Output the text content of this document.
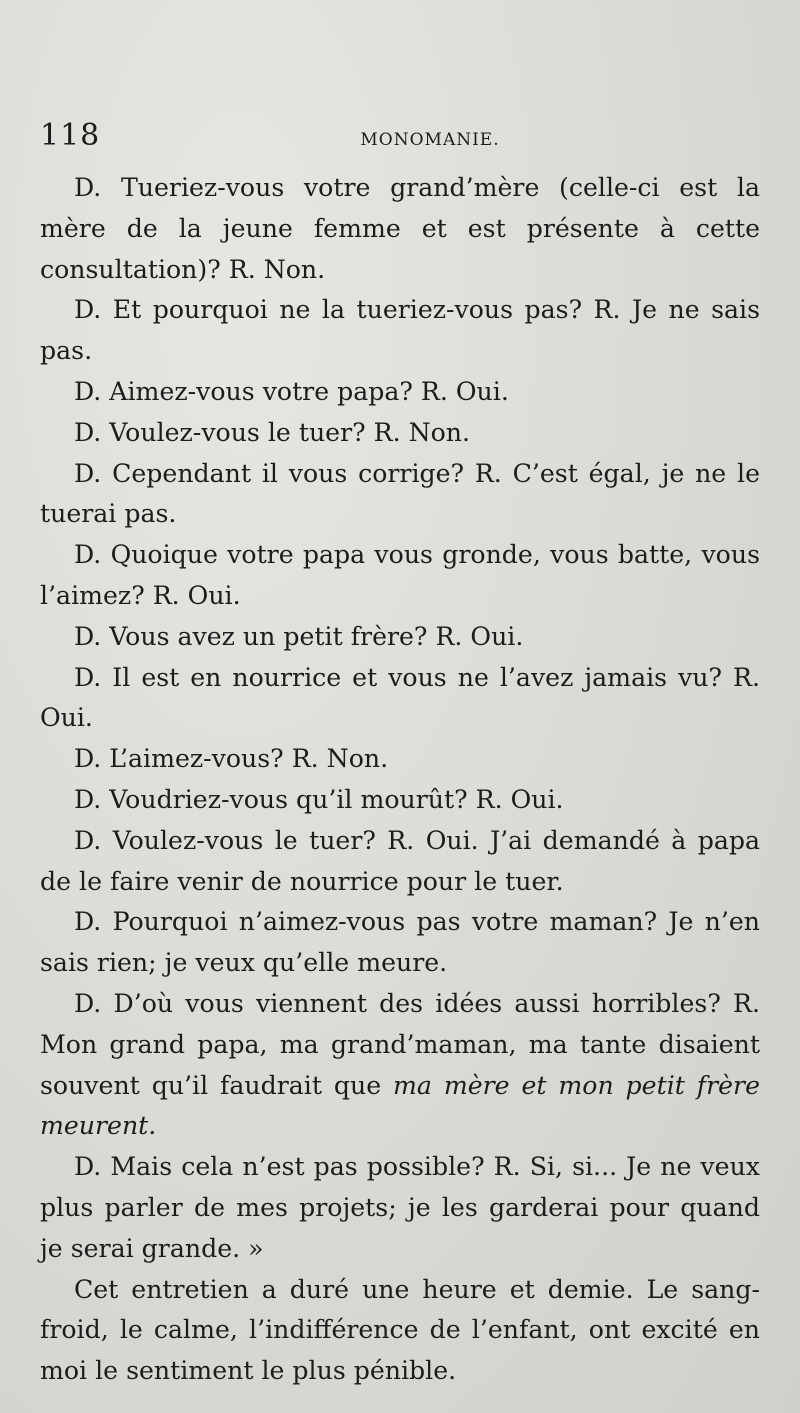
118	MONOMANIE.

D. Tueriez-vous votre grand’mère (celle-ci est la mère de la jeune femme et est présente à cette consultation)? R. Non.

D. Et pourquoi ne la tueriez-vous pas? R. Je ne sais pas.

D. Aimez-vous votre papa? R. Oui.

D. Voulez-vous le tuer? R. Non.

D. Cependant il vous corrige? R. C’est égal, je ne le tuerai pas.

D. Quoique votre papa vous gronde, vous batte, vous l’aimez? R. Oui.

D. Vous avez un petit frère? R. Oui.

D. Il est en nourrice et vous ne l’avez jamais vu? R. Oui.

D. L’aimez-vous? R. Non.

D. Voudriez-vous qu’il mourût? R. Oui.

D. Voulez-vous le tuer? R. Oui. J’ai demandé à papa de le faire venir de nourrice pour le tuer.

D. Pourquoi n’aimez-vous pas votre maman? Je n’en sais rien; je veux qu’elle meure.

D. D’où vous viennent des idées aussi horribles? R. Mon grand papa, ma grand’maman, ma tante disaient souvent qu’il faudrait que ma mère et mon petit frère meurent.

D. Mais cela n’est pas possible? R. Si, si... Je ne veux plus parler de mes projets; je les garderai pour quand je serai grande. »

Cet entretien a duré une heure et demie. Le sang-froid, le calme, l’indifférence de l’enfant, ont excité en moi le sentiment le plus pénible.
